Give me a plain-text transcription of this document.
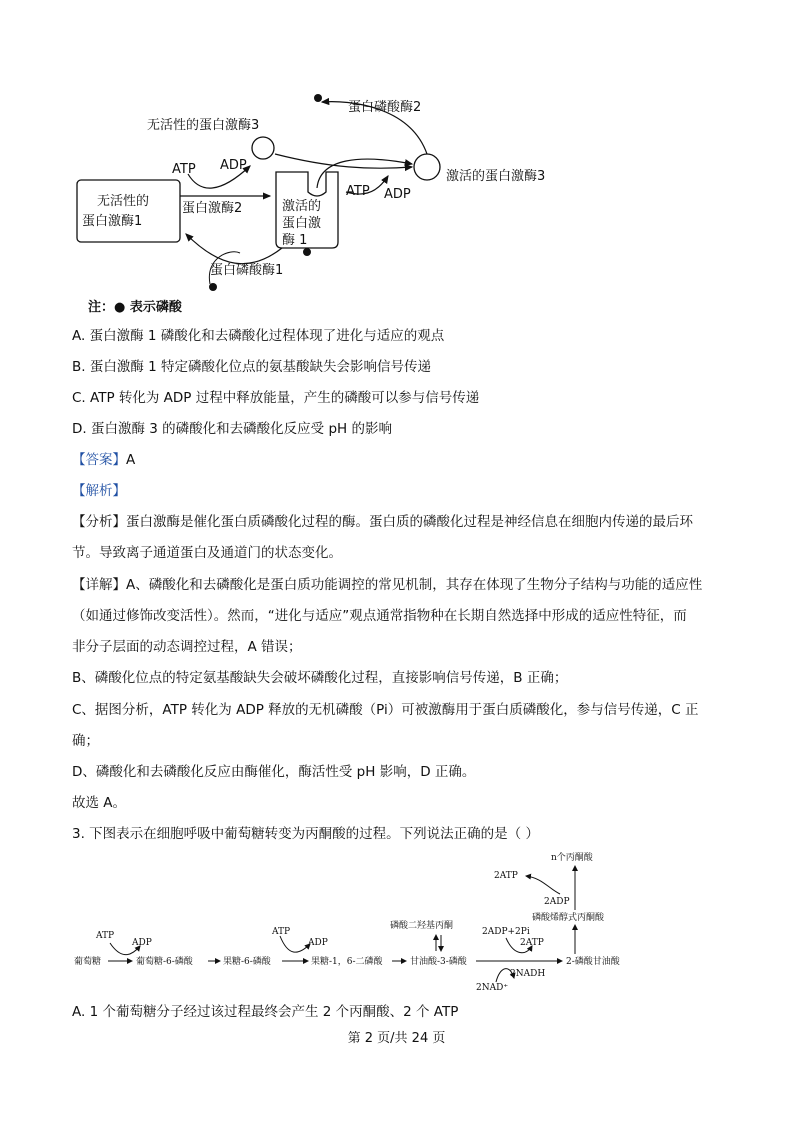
蛋白磷酸酶2
无活性的蛋白激酶3
ATP ADP
无活性的
蛋白激酶1
蛋白激酶2	激活的
蛋白激
酶 1
ATP ADP
激活的蛋白激酶3
蛋白磷酸酶1
注：● 表示磷酸
A. 蛋白激酶 1 磷酸化和去磷酸化过程体现了进化与适应的观点
B. 蛋白激酶 1 特定磷酸化位点的氨基酸缺失会影响信号传递
C. ATP 转化为 ADP 过程中释放能量，产生的磷酸可以参与信号传递
D. 蛋白激酶 3 的磷酸化和去磷酸化反应受 pH 的影响
【答案】A
【解析】
【分析】蛋白激酶是催化蛋白质磷酸化过程的酶。蛋白质的磷酸化过程是神经信息在细胞内传递的最后环
节。导致离子通道蛋白及通道门的状态变化。
【详解】A、磷酸化和去磷酸化是蛋白质功能调控的常见机制，其存在体现了生物分子结构与功能的适应性
（如通过修饰改变活性）。然而，“进化与适应”观点通常指物种在长期自然选择中形成的适应性特征，而
非分子层面的动态调控过程，A 错误；
B、磷酸化位点的特定氨基酸缺失会破坏磷酸化过程，直接影响信号传递，B 正确；
C、据图分析，ATP 转化为 ADP 释放的无机磷酸（Pi）可被激酶用于蛋白质磷酸化，参与信号传递，C 正
确；
D、磷酸化和去磷酸化反应由酶催化，酶活性受 pH 影响，D 正确。
故选 A。
3. 下图表示在细胞呼吸中葡萄糖转变为丙酮酸的过程。下列说法正确的是（ ）
葡萄糖	葡萄糖-6-磷酸	果糖-6-磷酸	果糖-1，6-二磷酸	甘油酸-3-磷酸	2-磷酸甘油酸
磷酸二羟基丙酮
磷酸烯醇式丙酮酸
n个丙酮酸
ATP
ADP
ATP
ADP
2ADP+2Pi
2ATP
2NAD⁺
2NADH
2ATP
2ADP
A. 1 个葡萄糖分子经过该过程最终会产生 2 个丙酮酸、2 个 ATP
第 2 页/共 24 页
